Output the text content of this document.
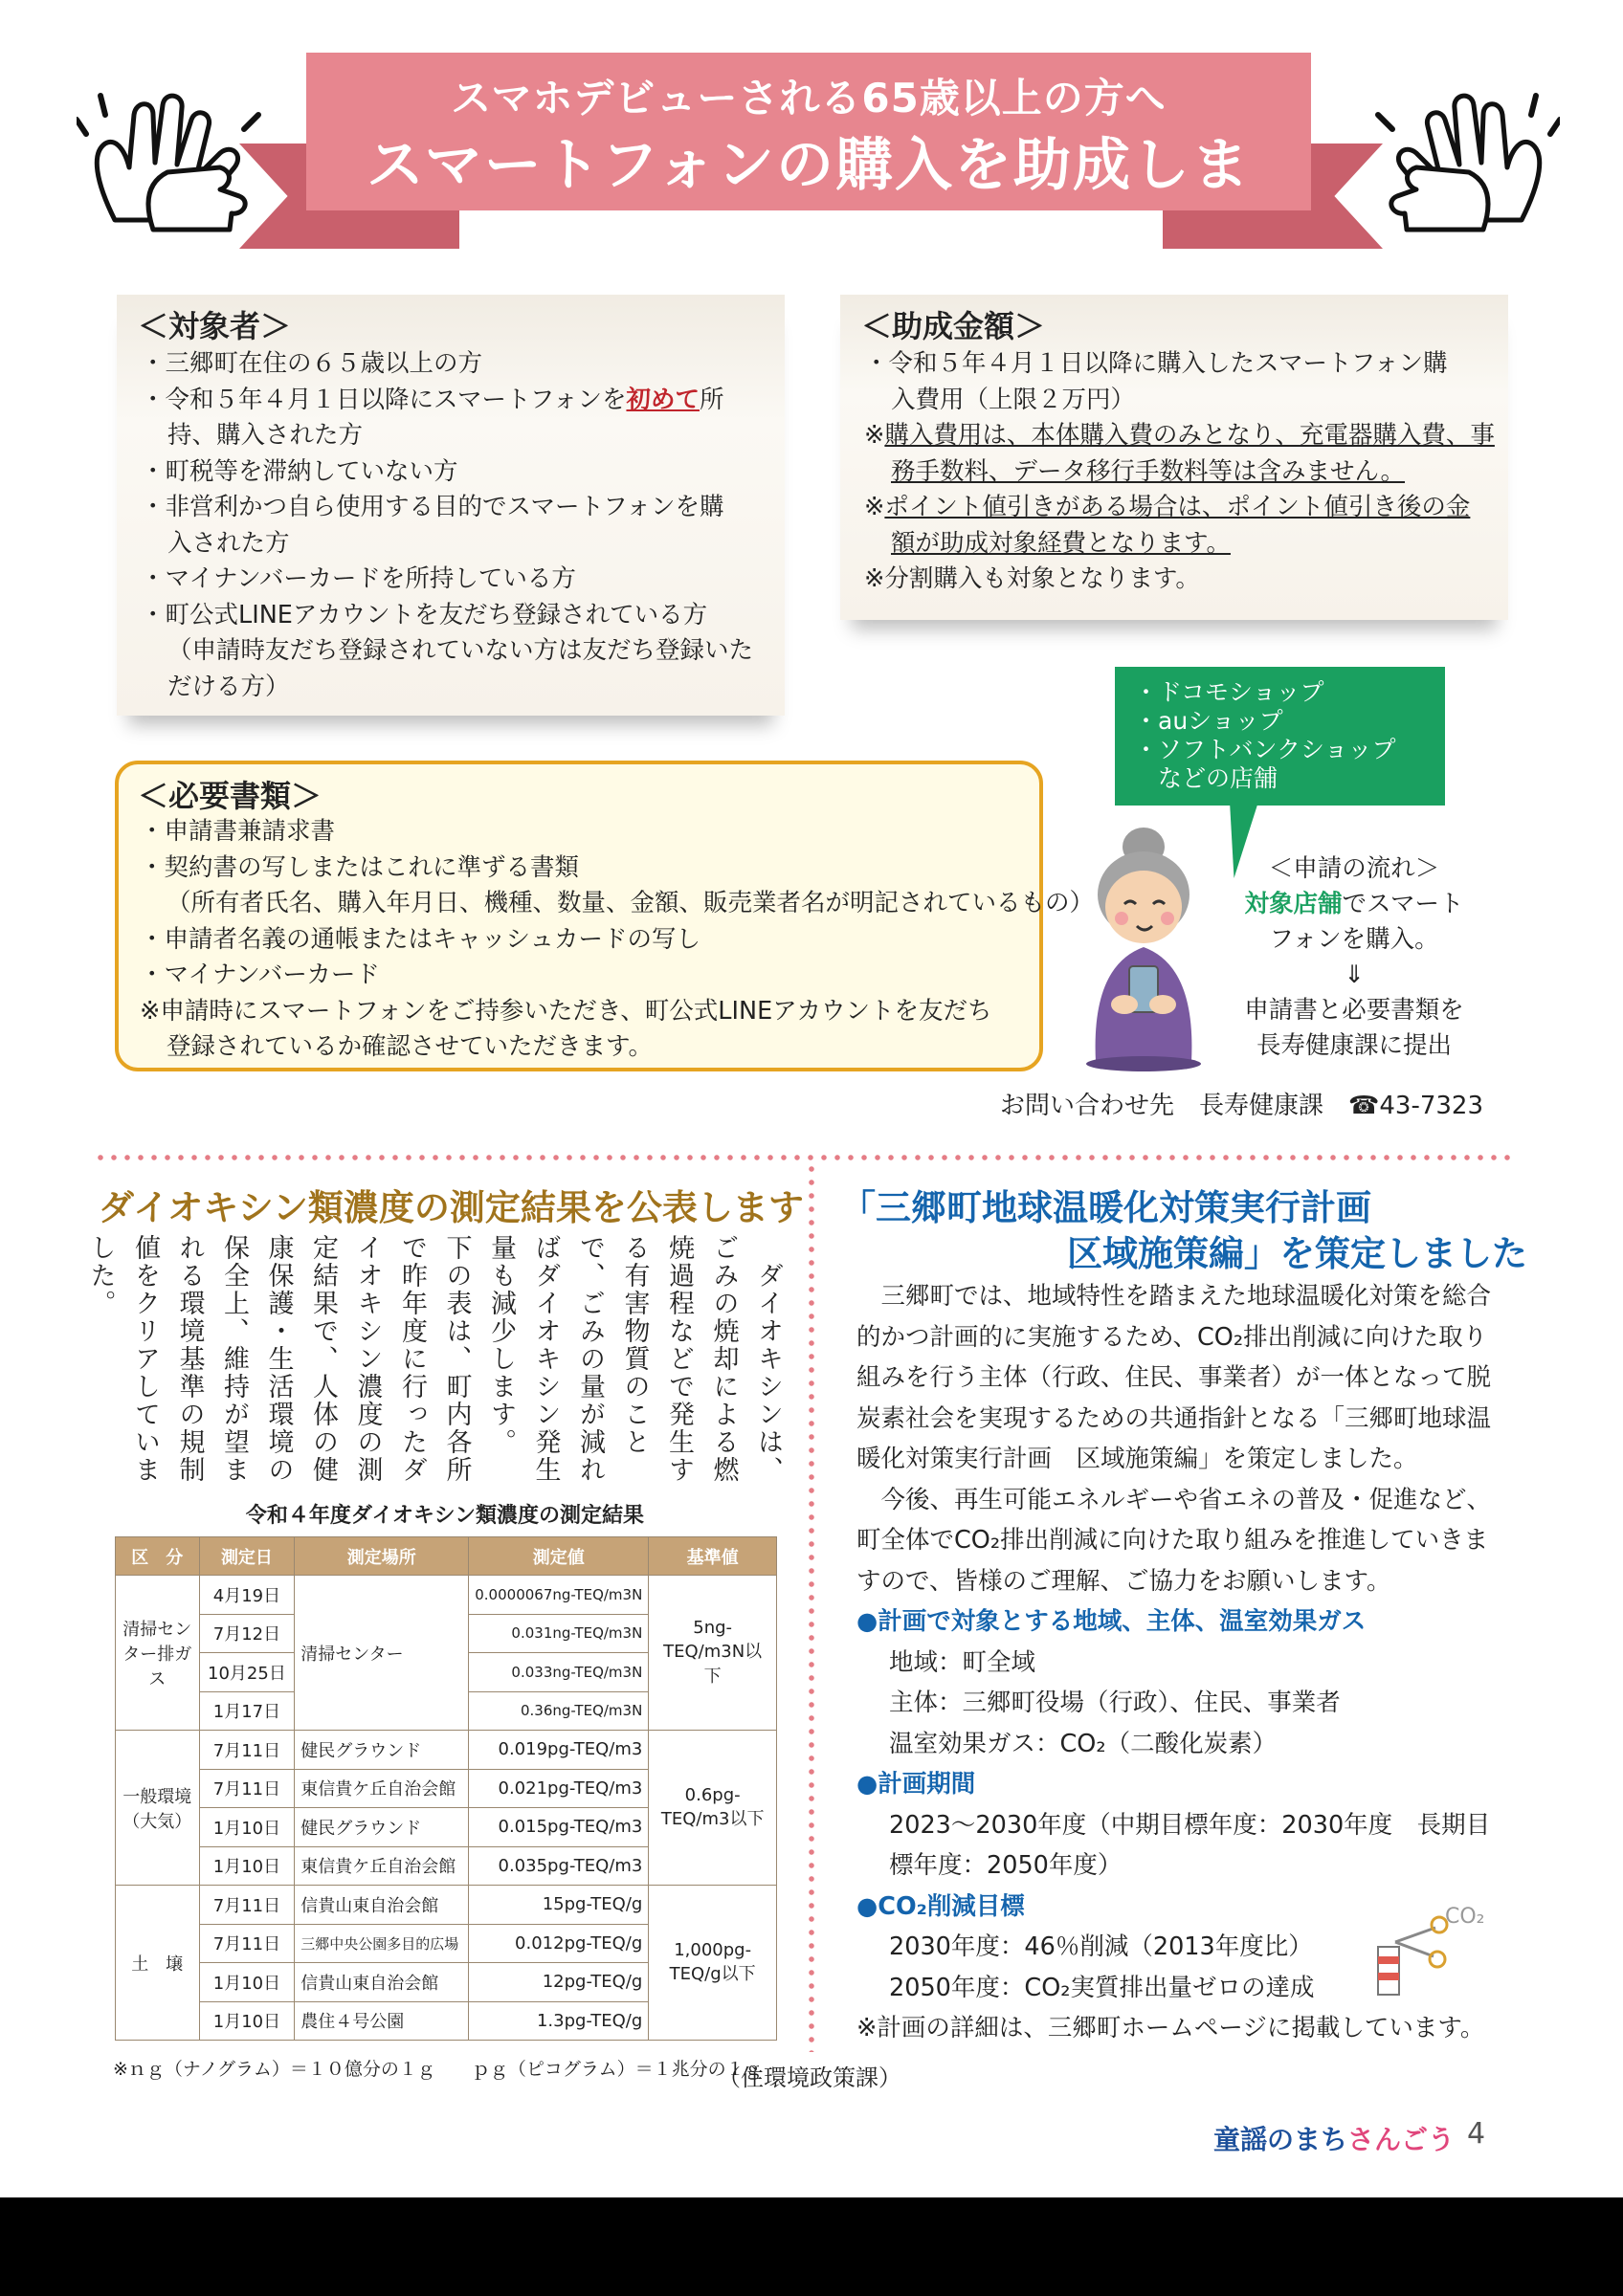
スマホデビューされる65歳以上の方へ
スマートフォンの購入を助成します！！
＜対象者＞
・三郷町在住の６５歳以上の方
・令和５年４月１日以降にスマートフォンを初めて所
持、購入された方
・町税等を滞納していない方
・非営利かつ自ら使用する目的でスマートフォンを購
入された方
・マイナンバーカードを所持している方
・町公式LINEアカウントを友だち登録されている方
（申請時友だち登録されていない方は友だち登録いた
だける方）
＜助成金額＞
・令和５年４月１日以降に購入したスマートフォン購
入費用（上限２万円）
※購入費用は、本体購入費のみとなり、充電器購入費、事
務手数料、データ移行手数料等は含みません。
※ポイント値引きがある場合は、ポイント値引き後の金
額が助成対象経費となります。
※分割購入も対象となります。
・ドコモショップ
・auショップ
・ソフトバンクショップ
　などの店舗
＜必要書類＞
・申請書兼請求書
・契約書の写しまたはこれに準ずる書類
（所有者氏名、購入年月日、機種、数量、金額、販売業者名が明記されているもの）
・申請者名義の通帳またはキャッシュカードの写し
・マイナンバーカード
※申請時にスマートフォンをご持参いただき、町公式LINEアカウントを友だち
登録されているか確認させていただきます。
＜申請の流れ＞
対象店舗でスマート
フォンを購入。
⇓
申請書と必要書類を
長寿健康課に提出
お問い合わせ先　長寿健康課　☎43-7323
ダイオキシン類濃度の測定結果を公表します
　ダイオキシンは、ごみの焼却による燃焼過程などで発生する有害物質のことで、ごみの量が減ればダイオキシン発生量も減少します。　下の表は、町内各所で昨年度に行ったダイオキシン濃度の測定結果で、人体の健康保護・生活環境の保全上、維持が望まれる環境基準の規制値をクリアしていました。
令和４年度ダイオキシン類濃度の測定結果
区　分	測定日	測定場所	測定値	基準値
清掃センター排ガス	4月19日	清掃センター	0.0000067ng-TEQ/m3N	5ng-TEQ/m3N以下
	7月12日		0.031ng-TEQ/m3N	
	10月25日		0.033ng-TEQ/m3N	
	1月17日		0.36ng-TEQ/m3N	
一般環境（大気）	7月11日	健民グラウンド	0.019pg-TEQ/m3	0.6pg-TEQ/m3以下
	7月11日	東信貴ケ丘自治会館	0.021pg-TEQ/m3	
	1月10日	健民グラウンド	0.015pg-TEQ/m3	
	1月10日	東信貴ケ丘自治会館	0.035pg-TEQ/m3	
土　壌	7月11日	信貴山東自治会館	15pg-TEQ/g	1,000pg-TEQ/g以下
	7月11日	三郷中央公園多目的広場	0.012pg-TEQ/g	
	1月10日	信貴山東自治会館	12pg-TEQ/g	
	1月10日	農住４号公園	1.3pg-TEQ/g	
※ｎｇ（ナノグラム）＝１０億分の１ｇ　　ｐｇ（ピコグラム）＝１兆分の１ｇ
（住環境政策課）
「三郷町地球温暖化対策実行計画
区域施策編」を策定しました
三郷町では、地域特性を踏まえた地球温暖化対策を総合的かつ計画的に実施するため、CO₂排出削減に向けた取り組みを行う主体（行政、住民、事業者）が一体となって脱炭素社会を実現するための共通指針となる「三郷町地球温暖化対策実行計画　区域施策編」を策定しました。
今後、再生可能エネルギーや省エネの普及・促進など、町全体でCO₂排出削減に向けた取り組みを推進していきますので、皆様のご理解、ご協力をお願いします。
●計画で対象とする地域、主体、温室効果ガス
地域：町全域
主体：三郷町役場（行政）、住民、事業者
温室効果ガス：CO₂（二酸化炭素）
●計画期間
2023～2030年度（中期目標年度：2030年度　長期目標年度：2050年度）
●CO₂削減目標
2030年度：46％削減（2013年度比）
2050年度：CO₂実質排出量ゼロの達成
※計画の詳細は、三郷町ホームページに掲載しています。
CO₂
童謡のまちさんごう 4
